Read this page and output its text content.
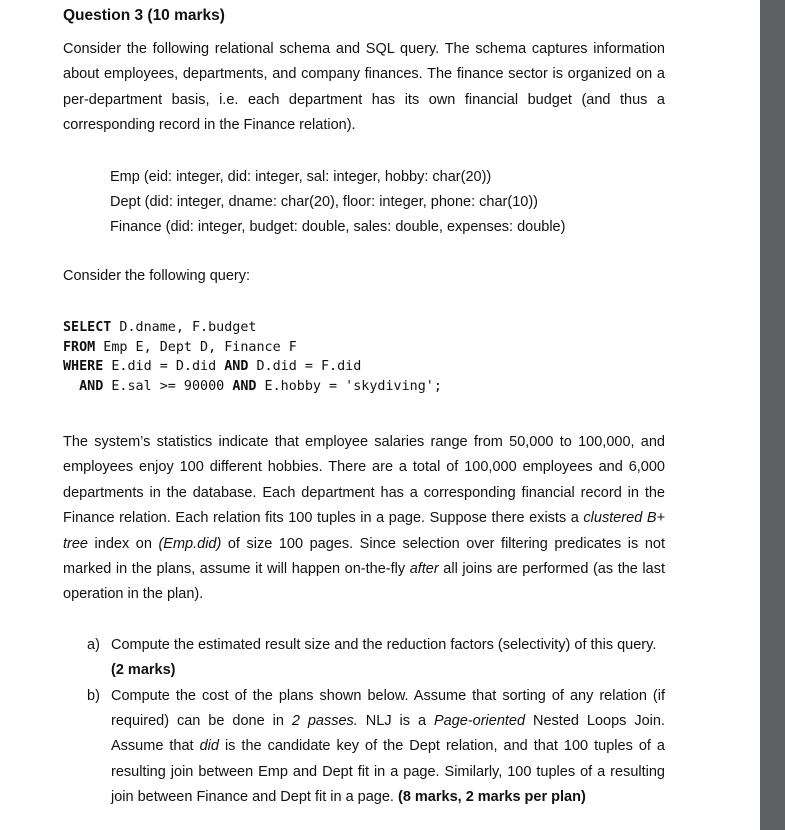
Question 3 (10 marks)

Consider the following relational schema and SQL query. The schema captures information about employees, departments, and company finances. The finance sector is organized on a per-department basis, i.e. each department has its own financial budget (and thus a corresponding record in the Finance relation).

Emp (eid: integer, did: integer, sal: integer, hobby: char(20))
Dept (did: integer, dname: char(20), floor: integer, phone: char(10))
Finance (did: integer, budget: double, sales: double, expenses: double)

Consider the following query:

SELECT D.dname, F.budget
FROM Emp E, Dept D, Finance F
WHERE E.did = D.did AND D.did = F.did
AND E.sal >= 90000 AND E.hobby = 'skydiving';

The system’s statistics indicate that employee salaries range from 50,000 to 100,000, and employees enjoy 100 different hobbies. There are a total of 100,000 employees and 6,000 departments in the database. Each department has a corresponding financial record in the Finance relation. Each relation fits 100 tuples in a page. Suppose there exists a clustered B+ tree index on (Emp.did) of size 100 pages. Since selection over filtering predicates is not marked in the plans, assume it will happen on-the-fly after all joins are performed (as the last operation in the plan).

a) Compute the estimated result size and the reduction factors (selectivity) of this query.
(2 marks)
b) Compute the cost of the plans shown below. Assume that sorting of any relation (if required) can be done in 2 passes. NLJ is a Page-oriented Nested Loops Join. Assume that did is the candidate key of the Dept relation, and that 100 tuples of a resulting join between Emp and Dept fit in a page. Similarly, 100 tuples of a resulting join between Finance and Dept fit in a page. (8 marks, 2 marks per plan)
